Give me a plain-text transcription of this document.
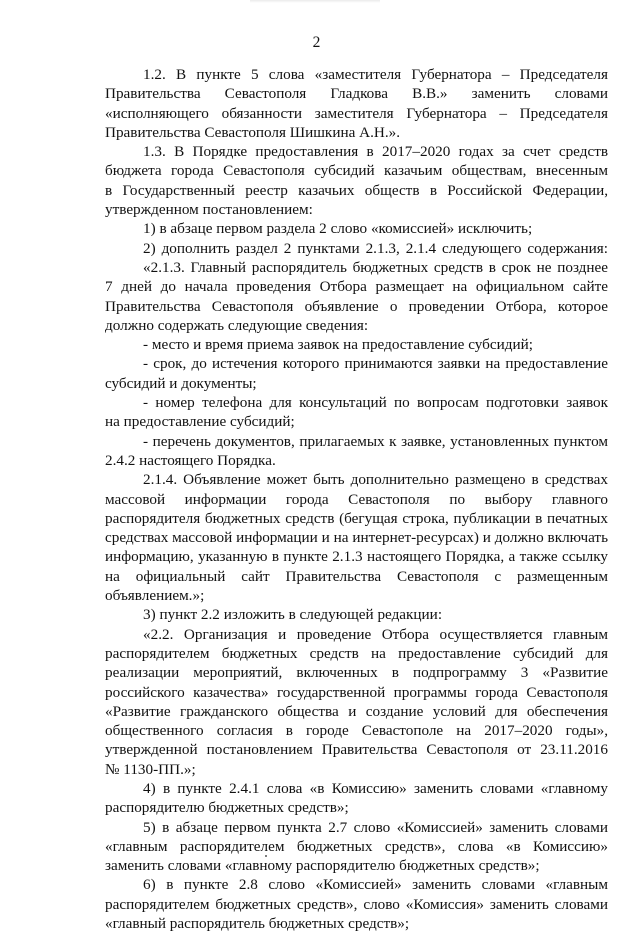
2
1.2. В пункте 5 слова «заместителя Губернатора – Председателя
Правительства Севастополя Гладкова В.В.» заменить словами
«исполняющего обязанности заместителя Губернатора – Председателя
Правительства Севастополя Шишкина А.Н.».
1.3. В Порядке предоставления в 2017–2020 годах за счет средств
бюджета города Севастополя субсидий казачьим обществам, внесенным
в Государственный реестр казачьих обществ в Российской Федерации,
утвержденном постановлением:
1) в абзаце первом раздела 2 слово «комиссией» исключить;
2) дополнить раздел 2 пунктами 2.1.3, 2.1.4 следующего содержания:
«2.1.3. Главный распорядитель бюджетных средств в срок не позднее
7 дней до начала проведения Отбора размещает на официальном сайте
Правительства Севастополя объявление о проведении Отбора, которое
должно содержать следующие сведения:
- место и время приема заявок на предоставление субсидий;
- срок, до истечения которого принимаются заявки на предоставление
субсидий и документы;
- номер телефона для консультаций по вопросам подготовки заявок
на предоставление субсидий;
- перечень документов, прилагаемых к заявке, установленных пунктом
2.4.2 настоящего Порядка.
2.1.4. Объявление может быть дополнительно размещено в средствах
массовой информации города Севастополя по выбору главного
распорядителя бюджетных средств (бегущая строка, публикации в печатных
средствах массовой информации и на интернет-ресурсах) и должно включать
информацию, указанную в пункте 2.1.3 настоящего Порядка, а также ссылку
на официальный сайт Правительства Севастополя с размещенным
объявлением.»;
3) пункт 2.2 изложить в следующей редакции:
«2.2. Организация и проведение Отбора осуществляется главным
распорядителем бюджетных средств на предоставление субсидий для
реализации мероприятий, включенных в подпрограмму 3 «Развитие
российского казачества» государственной программы города Севастополя
«Развитие гражданского общества и создание условий для обеспечения
общественного согласия в городе Севастополе на 2017–2020 годы»,
утвержденной постановлением Правительства Севастополя от 23.11.2016
№ 1130-ПП.»;
4) в пункте 2.4.1 слова «в Комиссию» заменить словами «главному
распорядителю бюджетных средств»;
5) в абзаце первом пункта 2.7 слово «Комиссией» заменить словами
«главным распорядителем бюджетных средств», слова «в Комиссию»
заменить словами «главному распорядителю бюджетных средств»;
6) в пункте 2.8 слово «Комиссией» заменить словами «главным
распорядителем бюджетных средств», слово «Комиссия» заменить словами
«главный распорядитель бюджетных средств»;
